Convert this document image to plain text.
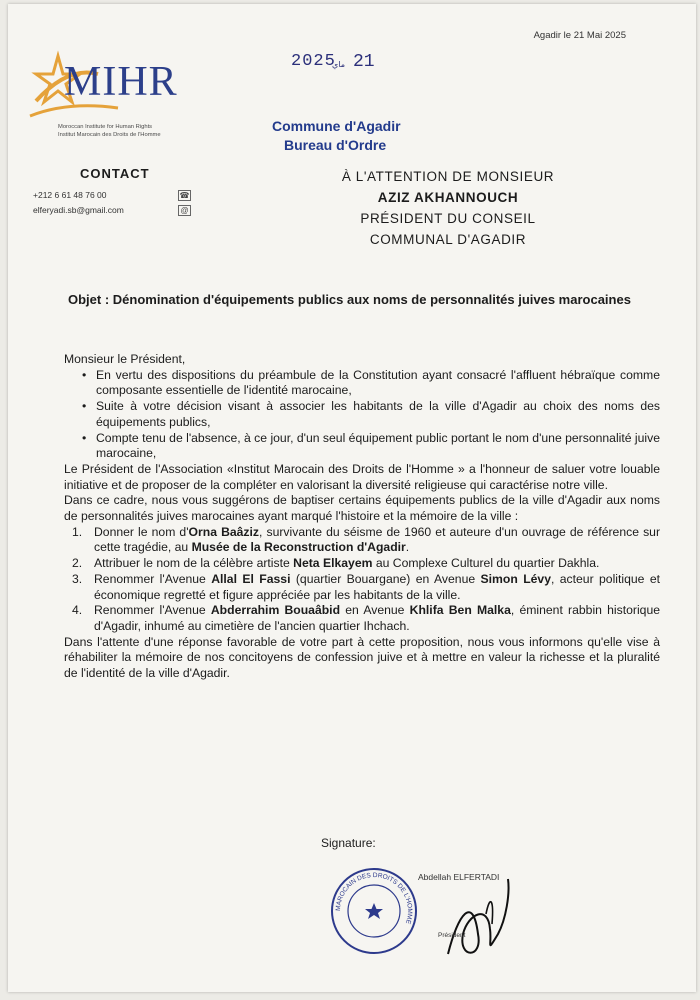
Agadir le 21 Mai 2025
MIHR
Moroccan Institute for Human Rights
Institut Marocain des Droits de l'Homme
CONTACT
+212 6 61 48 76 00	☎
elferyadi.sb@gmail.com	@
2025
ماي 21
Commune d'Agadir
Bureau d'Ordre
À L'ATTENTION DE MONSIEUR
AZIZ AKHANNOUCH
PRÉSIDENT DU CONSEIL
COMMUNAL D'AGADIR
Objet : Dénomination d'équipements publics aux noms de personnalités juives marocaines

Monsieur le Président,

• En vertu des dispositions du préambule de la Constitution ayant consacré l'affluent hébraïque comme composante essentielle de l'identité marocaine,
• Suite à votre décision visant à associer les habitants de la ville d'Agadir au choix des noms des équipements publics,
• Compte tenu de l'absence, à ce jour, d'un seul équipement public portant le nom d'une personnalité juive marocaine,

Le Président de l'Association «Institut Marocain des Droits de l'Homme » a l'honneur de saluer votre louable initiative et de proposer de la compléter en valorisant la diversité religieuse qui caractérise notre ville.

Dans ce cadre, nous vous suggérons de baptiser certains équipements publics de la ville d'Agadir aux noms de personnalités juives marocaines ayant marqué l'histoire et la mémoire de la ville :

1. Donner le nom d'Orna Baâziz, survivante du séisme de 1960 et auteure d'un ouvrage de référence sur cette tragédie, au Musée de la Reconstruction d'Agadir.
2. Attribuer le nom de la célèbre artiste Neta Elkayem au Complexe Culturel du quartier Dakhla.
3. Renommer l'Avenue Allal El Fassi (quartier Bouargane) en Avenue Simon Lévy, acteur politique et économique regretté et figure appréciée par les habitants de la ville.
4. Renommer l'Avenue Abderrahim Bouaâbid en Avenue Khlifa Ben Malka, éminent rabbin historique d'Agadir, inhumé au cimetière de l'ancien quartier Ihchach.

Dans l'attente d'une réponse favorable de votre part à cette proposition, nous vous informons qu'elle vise à réhabiliter la mémoire de nos concitoyens de confession juive et à mettre en valeur la richesse et la pluralité de l'identité de la ville d'Agadir.

Signature:
MAROCAIN DES DROITS DE L'HOMME
Abdellah ELFERTADI
Président
